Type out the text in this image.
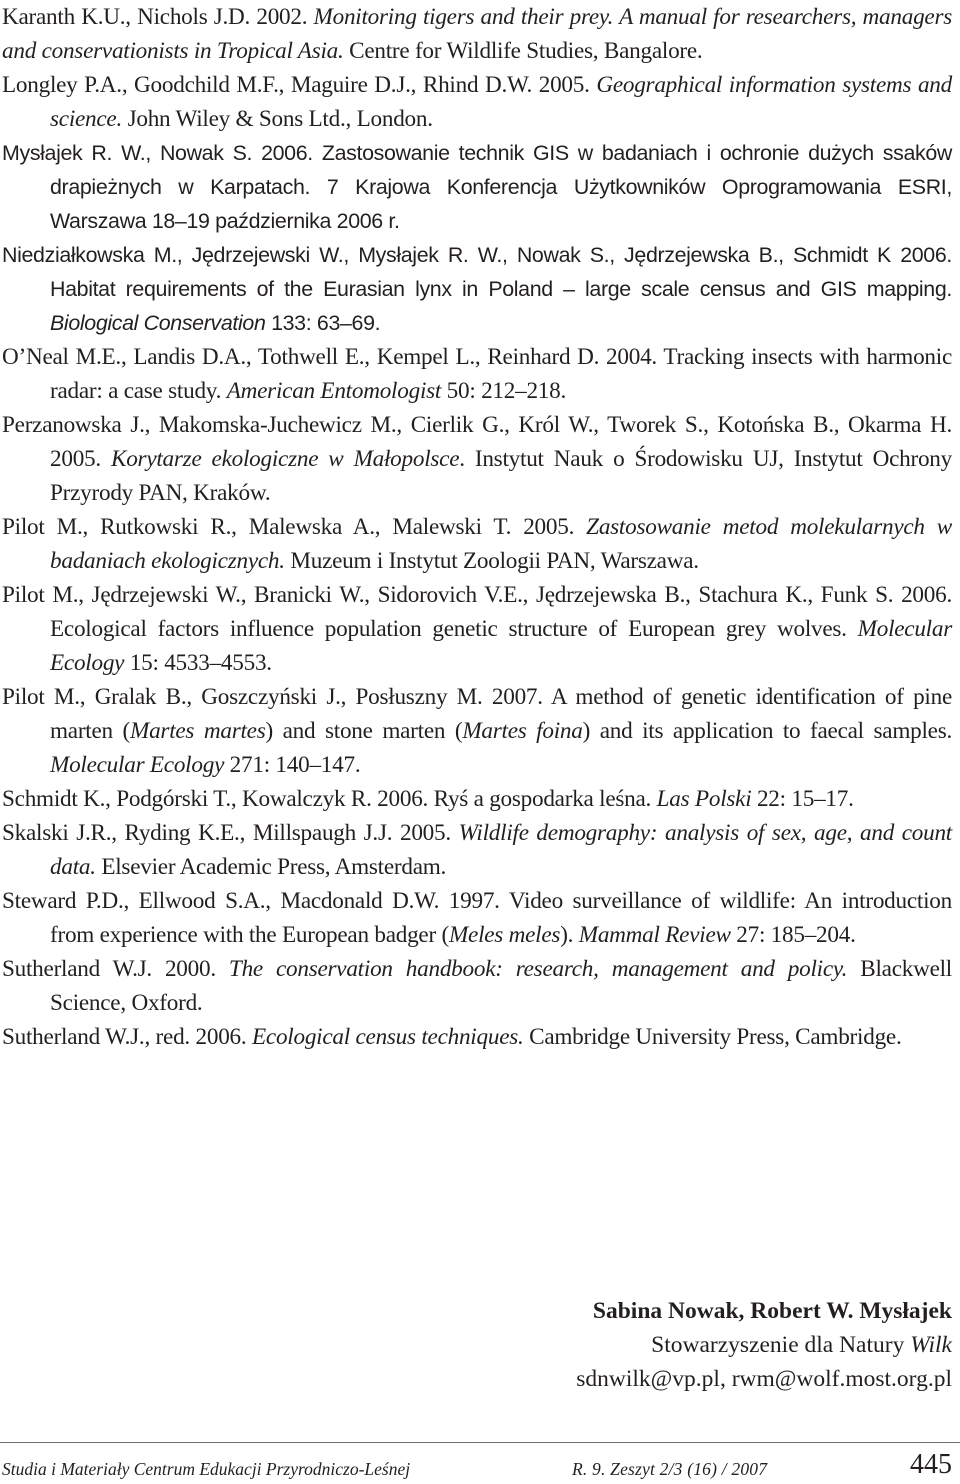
Karanth K.U., Nichols J.D. 2002. Monitoring tigers and their prey. A manual for researchers, managers and conservationists in Tropical Asia. Centre for Wildlife Studies, Bangalore.
Longley P.A., Goodchild M.F., Maguire D.J., Rhind D.W. 2005. Geographical information systems and science. John Wiley & Sons Ltd., London.
Mysłajek R. W., Nowak S. 2006. Zastosowanie technik GIS w badaniach i ochronie dużych ssaków drapieżnych w Karpatach. 7 Krajowa Konferencja Użytkowników Oprogramowania ESRI, Warszawa 18–19 października 2006 r.
Niedziałkowska M., Jędrzejewski W., Mysłajek R. W., Nowak S., Jędrzejewska B., Schmidt K 2006. Habitat requirements of the Eurasian lynx in Poland – large scale census and GIS mapping. Biological Conservation 133: 63–69.
O’Neal M.E., Landis D.A., Tothwell E., Kempel L., Reinhard D. 2004. Tracking insects with harmonic radar: a case study. American Entomologist 50: 212–218.
Perzanowska J., Makomska-Juchewicz M., Cierlik G., Król W., Tworek S., Kotońska B., Okarma H. 2005. Korytarze ekologiczne w Małopolsce. Instytut Nauk o Środowisku UJ, Instytut Ochrony Przyrody PAN, Kraków.
Pilot M., Rutkowski R., Malewska A., Malewski T. 2005. Zastosowanie metod molekularnych w badaniach ekologicznych. Muzeum i Instytut Zoologii PAN, Warszawa.
Pilot M., Jędrzejewski W., Branicki W., Sidorovich V.E., Jędrzejewska B., Stachura K., Funk S. 2006. Ecological factors influence population genetic structure of European grey wolves. Molecular Ecology 15: 4533–4553.
Pilot M., Gralak B., Goszczyński J., Posłuszny M. 2007. A method of genetic identification of pine marten (Martes martes) and stone marten (Martes foina) and its application to faecal samples. Molecular Ecology 271: 140–147.
Schmidt K., Podgórski T., Kowalczyk R. 2006. Ryś a gospodarka leśna. Las Polski 22: 15–17.
Skalski J.R., Ryding K.E., Millspaugh J.J. 2005. Wildlife demography: analysis of sex, age, and count data. Elsevier Academic Press, Amsterdam.
Steward P.D., Ellwood S.A., Macdonald D.W. 1997. Video surveillance of wildlife: An introduction from experience with the European badger (Meles meles). Mammal Review 27: 185–204.
Sutherland W.J. 2000. The conservation handbook: research, management and policy. Blackwell Science, Oxford.
Sutherland W.J., red. 2006. Ecological census techniques. Cambridge University Press, Cambridge.
Sabina Nowak, Robert W. Mysłajek
Stowarzyszenie dla Natury Wilk
sdnwilk@vp.pl, rwm@wolf.most.org.pl
Studia i Materiały Centrum Edukacji Przyrodniczo-Leśnej	R. 9. Zeszyt 2/3 (16) / 2007	445
